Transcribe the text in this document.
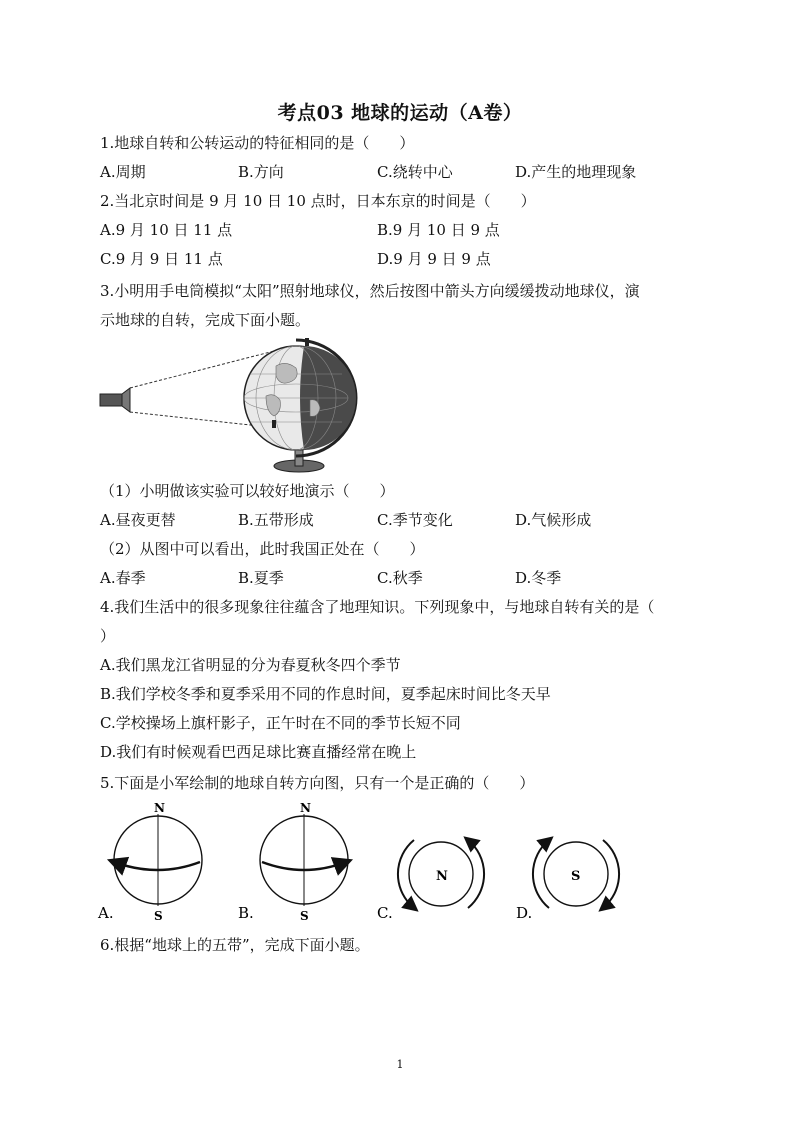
考点03 地球的运动（A卷）
1.地球自转和公转运动的特征相同的是（　　）
A.周期	B.方向	C.绕转中心	D.产生的地理现象
2.当北京时间是 9 月 10 日 10 点时，日本东京的时间是（　　）
A.9 月 10 日 11 点	B.9 月 10 日 9 点
C.9 月 9 日 11 点	D.9 月 9 日 9 点
3.小明用手电筒模拟“太阳”照射地球仪，然后按图中箭头方向缓缓拨动地球仪，演
示地球的自转，完成下面小题。
（1）小明做该实验可以较好地演示（　　）
A.昼夜更替	B.五带形成	C.季节变化	D.气候形成
（2）从图中可以看出，此时我国正处在（　　）
A.春季	B.夏季	C.秋季	D.冬季
4.我们生活中的很多现象往往蕴含了地理知识。下列现象中，与地球自转有关的是（
）
A.我们黑龙江省明显的分为春夏秋冬四个季节
B.我们学校冬季和夏季采用不同的作息时间，夏季起床时间比冬天早
C.学校操场上旗杆影子，正午时在不同的季节长短不同
D.我们有时候观看巴西足球比赛直播经常在晚上
5.下面是小军绘制的地球自转方向图，只有一个是正确的（　　）
N
S
A.
N
S
B.
N
C.
S
D.
6.根据“地球上的五带”，完成下面小题。
1
